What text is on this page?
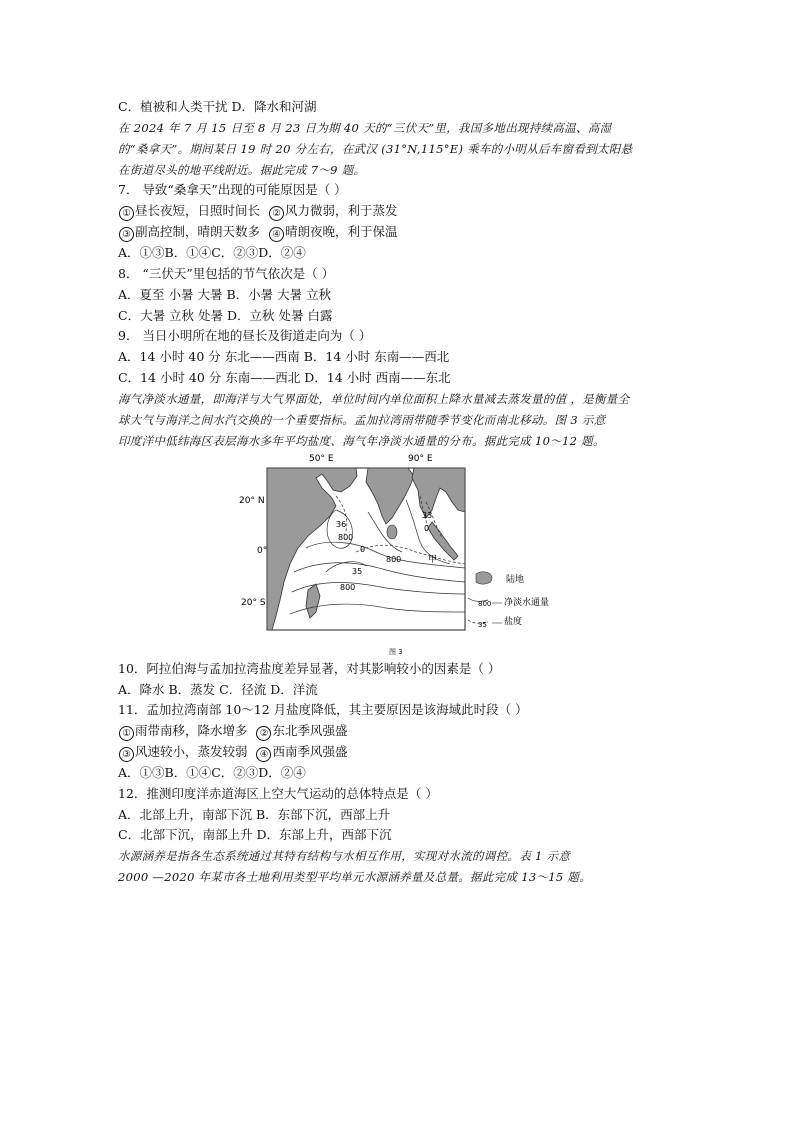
C．植被和人类干扰 D．降水和河湖
在 2024 年 7 月 15 日至 8 月 23 日为期 40 天的“三伏天”里，我国多地出现持续高温、高湿
的“桑拿天”。期间某日 19 时 20 分左右，在武汉 (31°N,115°E) 乘车的小明从后车窗看到太阳悬
在街道尽头的地平线附近。据此完成 7～9 题。
7． 导致“桑拿天”出现的可能原因是（ ）
① 昼长夜短，日照时间长 ② 风力微弱，利于蒸发
③ 副高控制，晴朗天数多 ④ 晴朗夜晚，利于保温
A．①③B．①④C．②③D．②④
8． “三伏天”里包括的节气依次是（ ）
A．夏至 小暑 大暑 B．小暑 大暑 立秋
C．大暑 立秋 处暑 D．立秋 处暑 白露
9． 当日小明所在地的昼长及街道走向为（ ）
A．14 小时 40 分 东北——西南 B．14 小时 东南——西北
C．14 小时 40 分 东南——西北 D．14 小时 西南——东北
海气净淡水通量，即海洋与大气界面处，单位时间内单位面积上降水量减去蒸发量的值 ，是衡量全
球大气与海洋之间水汽交换的一个重要指标。孟加拉湾雨带随季节变化而南北移动。图 3 示意
印度洋中低纬海区表层海水多年平均盐度、海气年净淡水通量的分布。据此完成 10～12 题。
50° E	90° E
20° N
0°
20° S
36
800
0
33
0
800
35
800
甲
陆地
800 净淡水通量
35 盐度
图 3
10．阿拉伯海与孟加拉湾盐度差异显著，对其影响较小的因素是（ ）
A．降水 B．蒸发 C．径流 D．洋流
11．孟加拉湾南部 10～12 月盐度降低，其主要原因是该海域此时段（ ）
① 雨带南移，降水增多 ② 东北季风强盛
③ 风速较小，蒸发较弱 ④ 西南季风强盛
A．①③B．①④C．②③D．②④
12．推测印度洋赤道海区上空大气运动的总体特点是（ ）
A．北部上升，南部下沉 B．东部下沉，西部上升
C．北部下沉，南部上升 D．东部上升，西部下沉
水源涵养是指各生态系统通过其特有结构与水相互作用，实现对水流的调控。表 1 示意
2000 —2020 年某市各土地利用类型平均单元水源涵养量及总量。据此完成 13～15 题。
